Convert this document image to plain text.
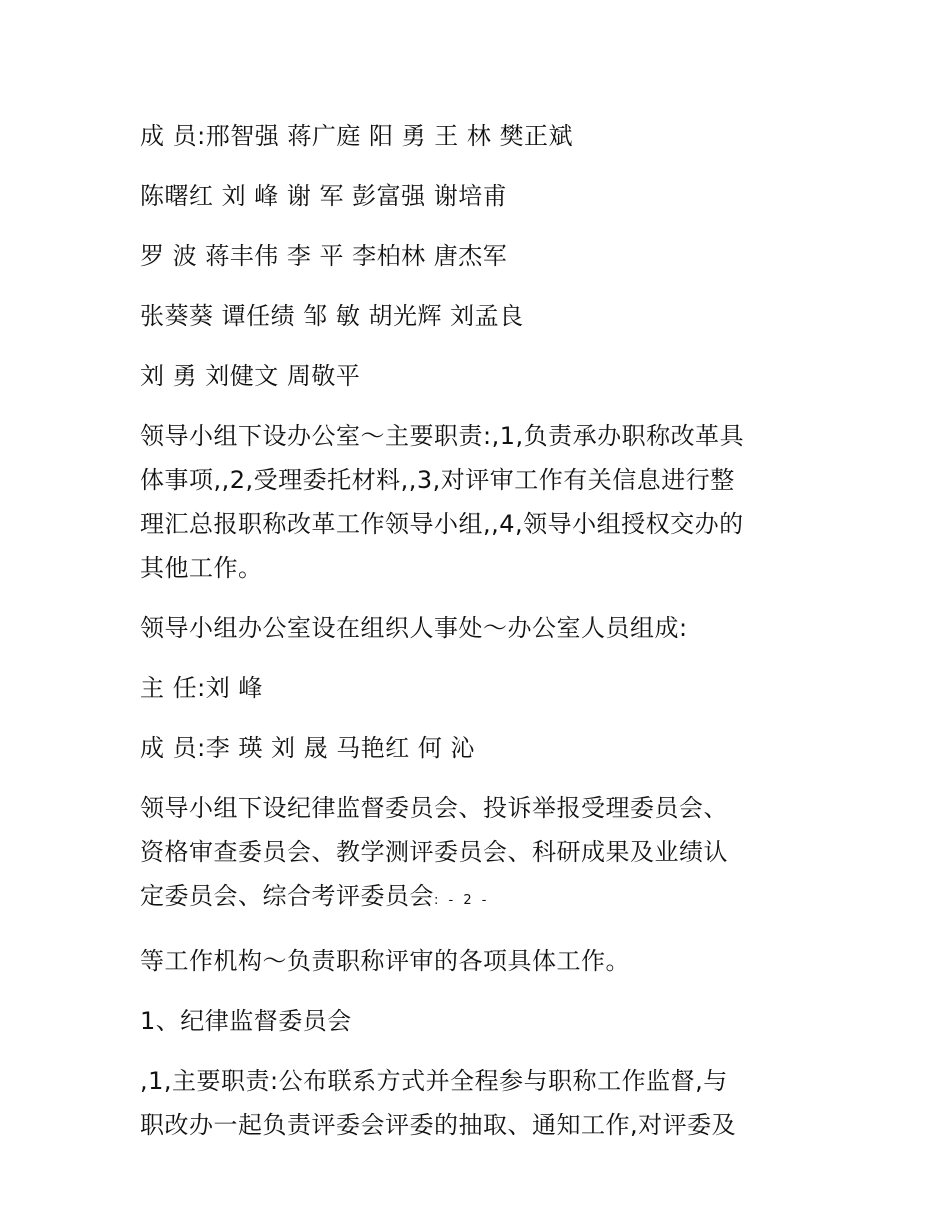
成 员:邢智强 蒋广庭 阳 勇 王 林 樊正斌

陈曙红 刘 峰 谢 军 彭富强 谢培甫

罗 波 蒋丰伟 李 平 李柏林 唐杰军

张葵葵 谭任绩 邹 敏 胡光辉 刘孟良

刘 勇 刘健文 周敬平

领导小组下设办公室～主要职责:,1,负责承办职称改革具

体事项,,2,受理委托材料,,3,对评审工作有关信息进行整

理汇总报职称改革工作领导小组,,4,领导小组授权交办的

其他工作。

领导小组办公室设在组织人事处～办公室人员组成:

主 任:刘 峰

成 员:李 瑛 刘 晟 马艳红 何 沁

领导小组下设纪律监督委员会、投诉举报受理委员会、

资格审查委员会、教学测评委员会、科研成果及业绩认

定委员会、综合考评委员会: - 2 -

等工作机构～负责职称评审的各项具体工作。

1、纪律监督委员会

,1,主要职责:公布联系方式并全程参与职称工作监督,与

职改办一起负责评委会评委的抽取、通知工作,对评委及
